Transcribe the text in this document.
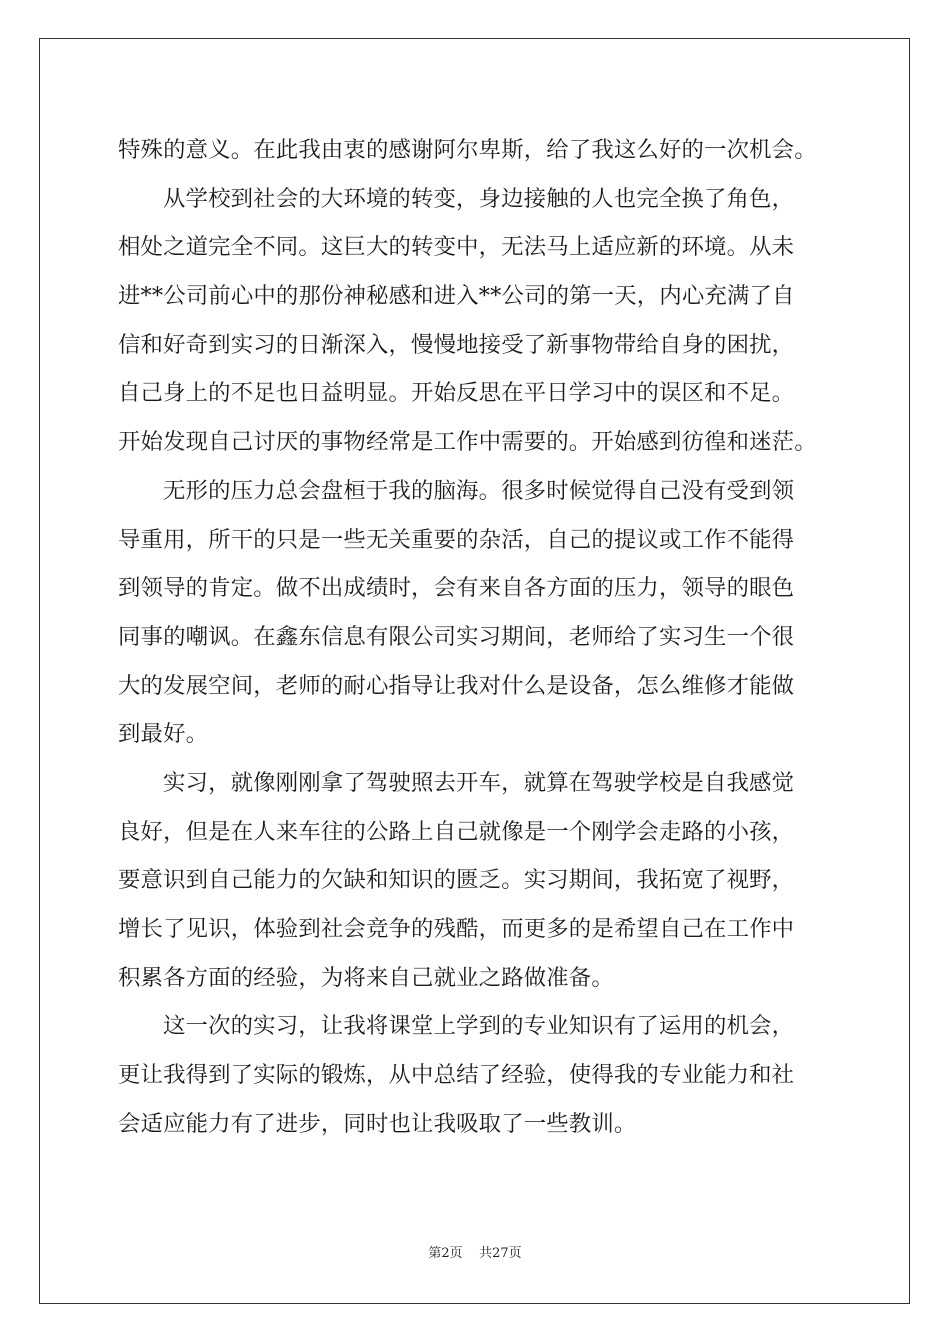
特殊的意义。在此我由衷的感谢阿尔卑斯，给了我这么好的一次机会。
从学校到社会的大环境的转变，身边接触的人也完全换了角色，
相处之道完全不同。这巨大的转变中，无法马上适应新的环境。从未
进**公司前心中的那份神秘感和进入**公司的第一天，内心充满了自
信和好奇到实习的日渐深入，慢慢地接受了新事物带给自身的困扰，
自己身上的不足也日益明显。开始反思在平日学习中的误区和不足。
开始发现自己讨厌的事物经常是工作中需要的。开始感到彷徨和迷茫。
无形的压力总会盘桓于我的脑海。很多时候觉得自己没有受到领
导重用，所干的只是一些无关重要的杂活，自己的提议或工作不能得
到领导的肯定。做不出成绩时，会有来自各方面的压力，领导的眼色
同事的嘲讽。在鑫东信息有限公司实习期间，老师给了实习生一个很
大的发展空间，老师的耐心指导让我对什么是设备，怎么维修才能做
到最好。
实习，就像刚刚拿了驾驶照去开车，就算在驾驶学校是自我感觉
良好，但是在人来车往的公路上自己就像是一个刚学会走路的小孩，
要意识到自己能力的欠缺和知识的匮乏。实习期间，我拓宽了视野，
增长了见识，体验到社会竞争的残酷，而更多的是希望自己在工作中
积累各方面的经验，为将来自己就业之路做准备。
这一次的实习，让我将课堂上学到的专业知识有了运用的机会，
更让我得到了实际的锻炼，从中总结了经验，使得我的专业能力和社
会适应能力有了进步，同时也让我吸取了一些教训。
第2页 共27页
